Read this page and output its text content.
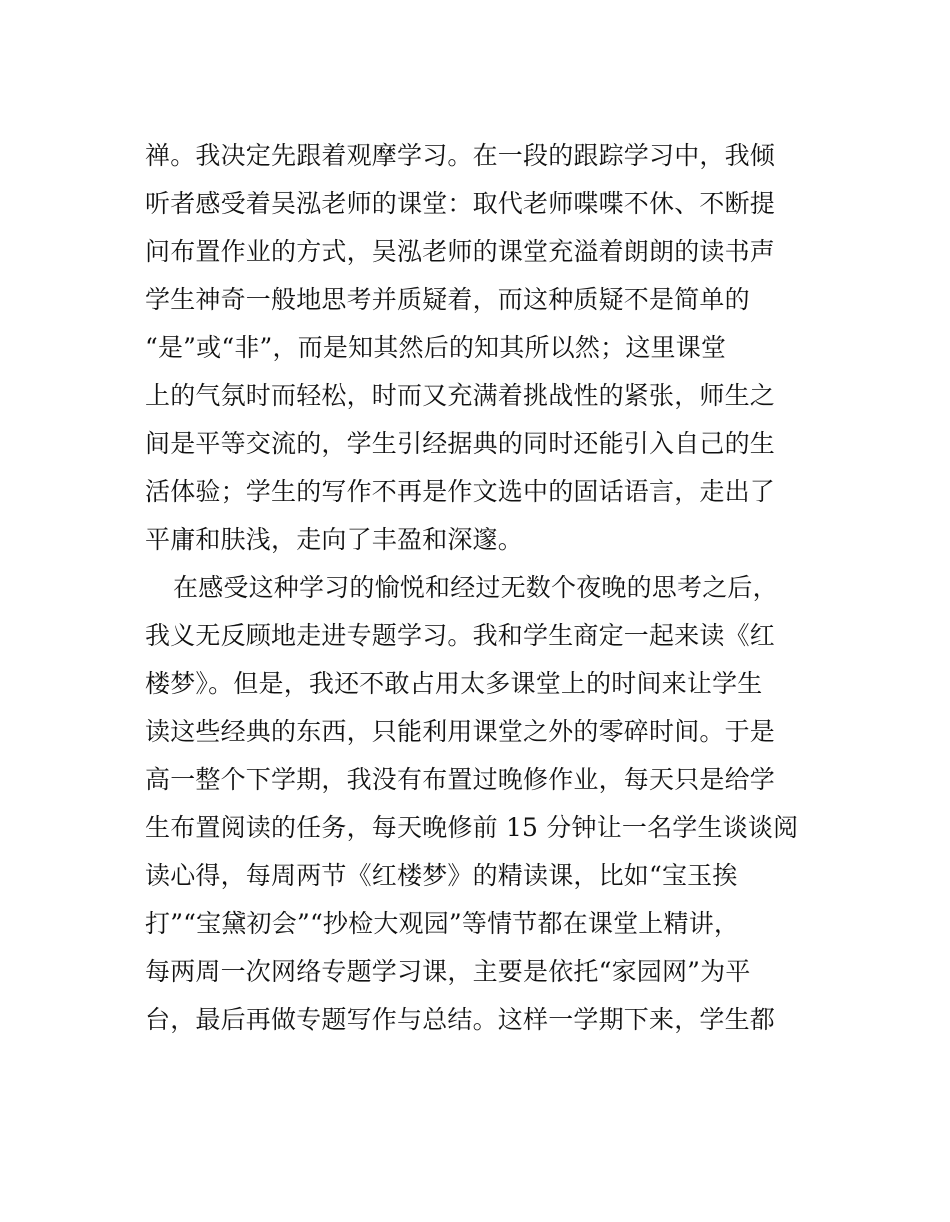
禅。我决定先跟着观摩学习。在一段的跟踪学习中，我倾
听者感受着吴泓老师的课堂：取代老师喋喋不休、不断提
问布置作业的方式，吴泓老师的课堂充溢着朗朗的读书声
学生神奇一般地思考并质疑着，而这种质疑不是简单的
“是”或“非”，而是知其然后的知其所以然；这里课堂
上的气氛时而轻松，时而又充满着挑战性的紧张，师生之
间是平等交流的，学生引经据典的同时还能引入自己的生
活体验；学生的写作不再是作文选中的固话语言，走出了
平庸和肤浅，走向了丰盈和深邃。
在感受这种学习的愉悦和经过无数个夜晚的思考之后，
我义无反顾地走进专题学习。我和学生商定一起来读《红
楼梦》。但是，我还不敢占用太多课堂上的时间来让学生
读这些经典的东西，只能利用课堂之外的零碎时间。于是
高一整个下学期，我没有布置过晚修作业，每天只是给学
生布置阅读的任务，每天晚修前 15 分钟让一名学生谈谈阅
读心得，每周两节《红楼梦》的精读课，比如“宝玉挨
打”“宝黛初会”“抄检大观园”等情节都在课堂上精讲，
每两周一次网络专题学习课，主要是依托“家园网”为平
台，最后再做专题写作与总结。这样一学期下来，学生都
